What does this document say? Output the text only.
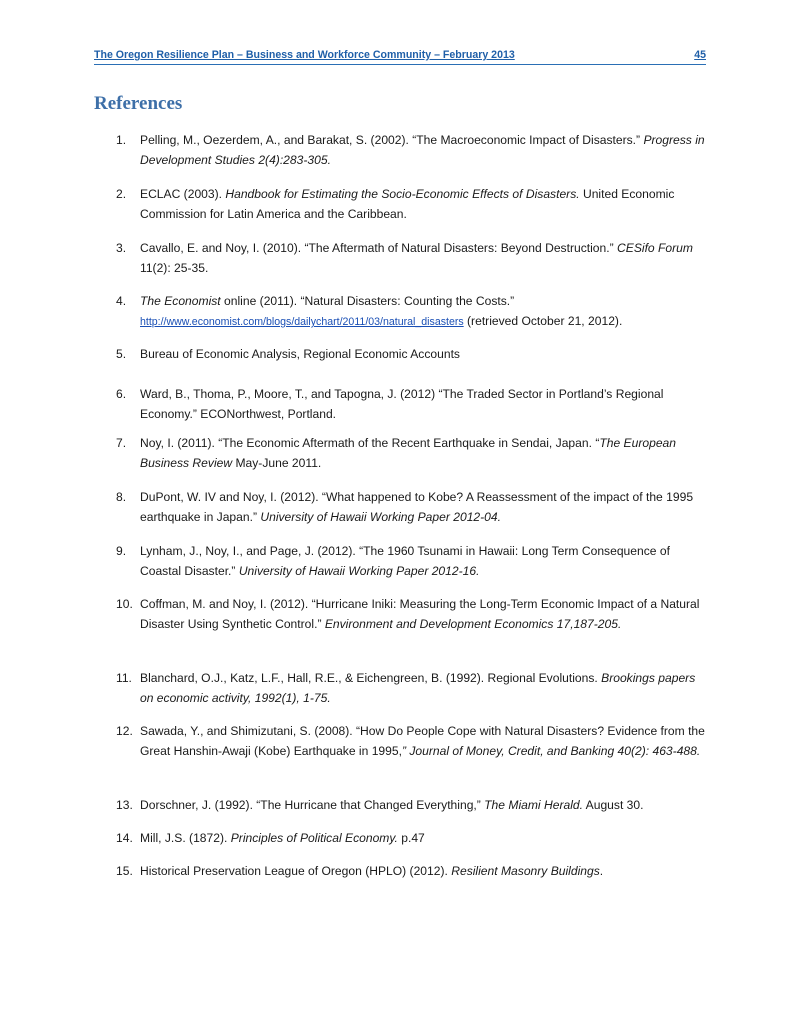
The Oregon Resilience Plan – Business and Workforce Community – February 2013	45
References
1.	Pelling, M., Oezerdem, A., and Barakat, S. (2002). “The Macroeconomic Impact of Disasters.” Progress in Development Studies 2(4):283-305.
2.	ECLAC (2003). Handbook for Estimating the Socio-Economic Effects of Disasters. United Economic Commission for Latin America and the Caribbean.
3.	Cavallo, E. and Noy, I. (2010). “The Aftermath of Natural Disasters: Beyond Destruction.” CESifo Forum 11(2): 25-35.
4.	The Economist online (2011). “Natural Disasters: Counting the Costs.” http://www.economist.com/blogs/dailychart/2011/03/natural_disasters (retrieved October 21, 2012).
5.	Bureau of Economic Analysis, Regional Economic Accounts
6.	Ward, B., Thoma, P., Moore, T., and Tapogna, J. (2012) “The Traded Sector in Portland’s Regional Economy.” ECONorthwest, Portland.
7.	Noy, I. (2011). “The Economic Aftermath of the Recent Earthquake in Sendai, Japan. “The European Business Review May-June 2011.
8.	DuPont, W. IV and Noy, I. (2012). “What happened to Kobe? A Reassessment of the impact of the 1995 earthquake in Japan.” University of Hawaii Working Paper 2012-04.
9.	Lynham, J., Noy, I., and Page, J. (2012). “The 1960 Tsunami in Hawaii: Long Term Consequence of Coastal Disaster.” University of Hawaii Working Paper 2012-16.
10. Coffman, M. and Noy, I. (2012). “Hurricane Iniki: Measuring the Long-Term Economic Impact of a Natural Disaster Using Synthetic Control.” Environment and Development Economics 17,187-205.
11. Blanchard, O.J., Katz, L.F., Hall, R.E., & Eichengreen, B. (1992). Regional Evolutions. Brookings papers on economic activity, 1992(1), 1-75.
12. Sawada, Y., and Shimizutani, S. (2008). “How Do People Cope with Natural Disasters? Evidence from the Great Hanshin-Awaji (Kobe) Earthquake in 1995,” Journal of Money, Credit, and Banking 40(2): 463-488.
13. Dorschner, J. (1992). “The Hurricane that Changed Everything,” The Miami Herald. August 30.
14. Mill, J.S. (1872). Principles of Political Economy. p.47
15. Historical Preservation League of Oregon (HPLO) (2012). Resilient Masonry Buildings.
